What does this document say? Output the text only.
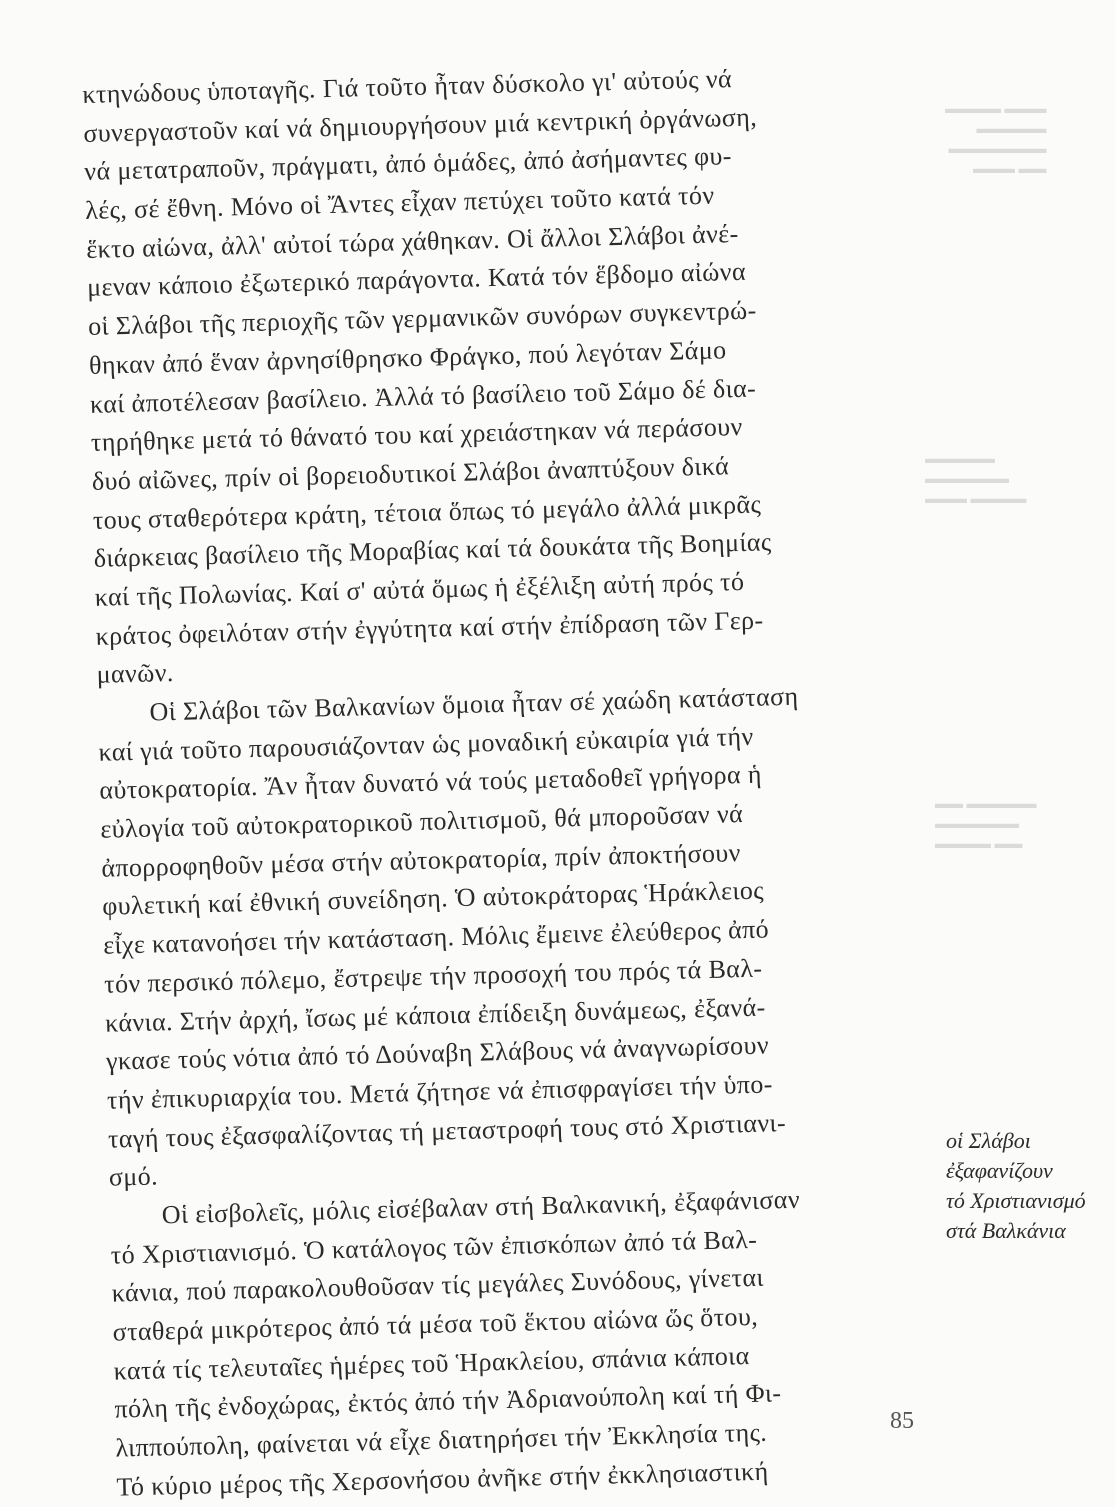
▬▬▬ ▬▬▬▬
▬▬▬▬▬
▬▬▬▬▬▬▬
▬▬ ▬▬▬
▬▬▬▬▬
▬▬▬▬▬▬
▬▬▬ ▬▬▬▬
▬▬ ▬▬▬▬▬
▬▬▬▬▬▬
▬▬▬▬ ▬▬

κτηνώδους ὑποταγῆς. Γιά τοῦτο ἦταν δύσκολο γι' αὐτούς νά

συνεργαστοῦν καί νά δημιουργήσουν μιά κεντρική ὀργάνωση,

νά μετατραποῦν, πράγματι, ἀπό ὁμάδες, ἀπό ἀσήμαντες φυ-

λές, σέ ἔθνη. Μόνο οἱ Ἄντες εἶχαν πετύχει τοῦτο κατά τόν

ἕκτο αἰώνα, ἀλλ' αὐτοί τώρα χάθηκαν. Οἱ ἄλλοι Σλάβοι ἀνέ-

μεναν κάποιο ἐξωτερικό παράγοντα. Κατά τόν ἕβδομο αἰώνα

οἱ Σλάβοι τῆς περιοχῆς τῶν γερμανικῶν συνόρων συγκεντρώ-

θηκαν ἀπό ἕναν ἀρνησίθρησκο Φράγκο, πού λεγόταν Σάμο

καί ἀποτέλεσαν βασίλειο. Ἀλλά τό βασίλειο τοῦ Σάμο δέ δια-

τηρήθηκε μετά τό θάνατό του καί χρειάστηκαν νά περάσουν

δυό αἰῶνες, πρίν οἱ βορειοδυτικοί Σλάβοι ἀναπτύξουν δικά

τους σταθερότερα κράτη, τέτοια ὅπως τό μεγάλο ἀλλά μικρᾶς

διάρκειας βασίλειο τῆς Μοραβίας καί τά δουκάτα τῆς Βοημίας

καί τῆς Πολωνίας. Καί σ' αὐτά ὅμως ἡ ἐξέλιξη αὐτή πρός τό

κράτος ὀφειλόταν στήν ἐγγύτητα καί στήν ἐπίδραση τῶν Γερ-

μανῶν.

Οἱ Σλάβοι τῶν Βαλκανίων ὅμοια ἦταν σέ χαώδη κατάσταση

καί γιά τοῦτο παρουσιάζονταν ὡς μοναδική εὐκαιρία γιά τήν

αὐτοκρατορία. Ἄν ἦταν δυνατό νά τούς μεταδοθεῖ γρήγορα ἡ

εὐλογία τοῦ αὐτοκρατορικοῦ πολιτισμοῦ, θά μποροῦσαν νά

ἀπορροφηθοῦν μέσα στήν αὐτοκρατορία, πρίν ἀποκτήσουν

φυλετική καί ἐθνική συνείδηση. Ὁ αὐτοκράτορας Ἡράκλειος

εἶχε κατανοήσει τήν κατάσταση. Μόλις ἔμεινε ἐλεύθερος ἀπό

τόν περσικό πόλεμο, ἔστρεψε τήν προσοχή του πρός τά Βαλ-

κάνια. Στήν ἀρχή, ἴσως μέ κάποια ἐπίδειξη δυνάμεως, ἐξανά-

γκασε τούς νότια ἀπό τό Δούναβη Σλάβους νά ἀναγνωρίσουν

τήν ἐπικυριαρχία του. Μετά ζήτησε νά ἐπισφραγίσει τήν ὑπο-

ταγή τους ἐξασφαλίζοντας τή μεταστροφή τους στό Χριστιανι-

σμό.

Οἱ εἰσβολεῖς, μόλις εἰσέβαλαν στή Βαλκανική, ἐξαφάνισαν

τό Χριστιανισμό. Ὁ κατάλογος τῶν ἐπισκόπων ἀπό τά Βαλ-

κάνια, πού παρακολουθοῦσαν τίς μεγάλες Συνόδους, γίνεται

σταθερά μικρότερος ἀπό τά μέσα τοῦ ἕκτου αἰώνα ὥς ὅτου,

κατά τίς τελευταῖες ἡμέρες τοῦ Ἡρακλείου, σπάνια κάποια

πόλη τῆς ἐνδοχώρας, ἐκτός ἀπό τήν Ἀδριανούπολη καί τή Φι-

λιππούπολη, φαίνεται νά εἶχε διατηρήσει τήν Ἐκκλησία της.

Τό κύριο μέρος τῆς Χερσονήσου ἀνῆκε στήν ἐκκλησιαστική

οἱ Σλάβοι
ἐξαφανίζουν
τό Χριστιανισμό
στά Βαλκάνια
85
